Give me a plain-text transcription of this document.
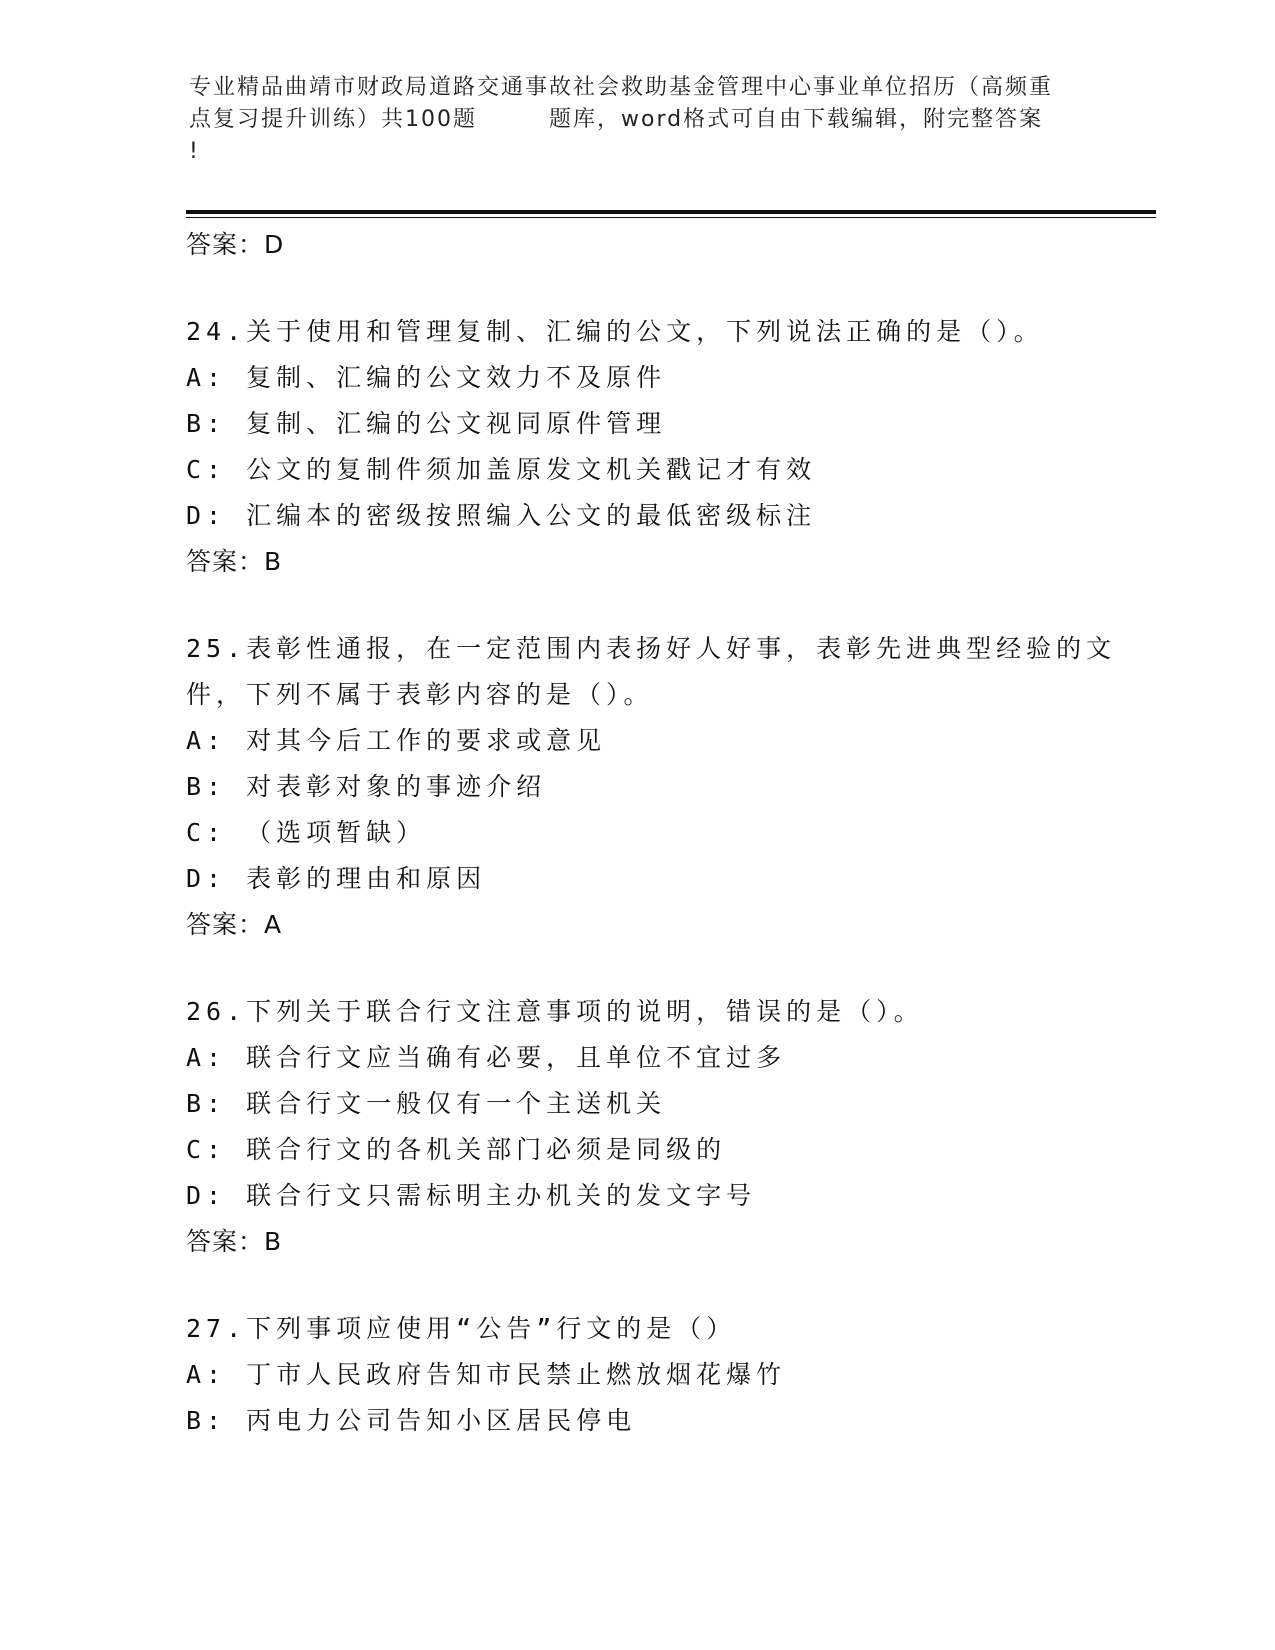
专业精品曲靖市财政局道路交通事故社会救助基金管理中心事业单位招历（高频重
点复习提升训练）共100题　　　题库，word格式可自由下载编辑，附完整答案
!
答案：D
24.关于使用和管理复制、汇编的公文，下列说法正确的是（）。
A: 复制、汇编的公文效力不及原件
B: 复制、汇编的公文视同原件管理
C: 公文的复制件须加盖原发文机关戳记才有效
D: 汇编本的密级按照编入公文的最低密级标注
答案：B
25.表彰性通报，在一定范围内表扬好人好事，表彰先进典型经验的文
件，下列不属于表彰内容的是（）。
A: 对其今后工作的要求或意见
B: 对表彰对象的事迹介绍
C: （选项暂缺）
D: 表彰的理由和原因
答案：A
26.下列关于联合行文注意事项的说明，错误的是（）。
A: 联合行文应当确有必要，且单位不宜过多
B: 联合行文一般仅有一个主送机关
C: 联合行文的各机关部门必须是同级的
D: 联合行文只需标明主办机关的发文字号
答案：B
27.下列事项应使用“公告”行文的是（）
A: 丁市人民政府告知市民禁止燃放烟花爆竹
B: 丙电力公司告知小区居民停电
